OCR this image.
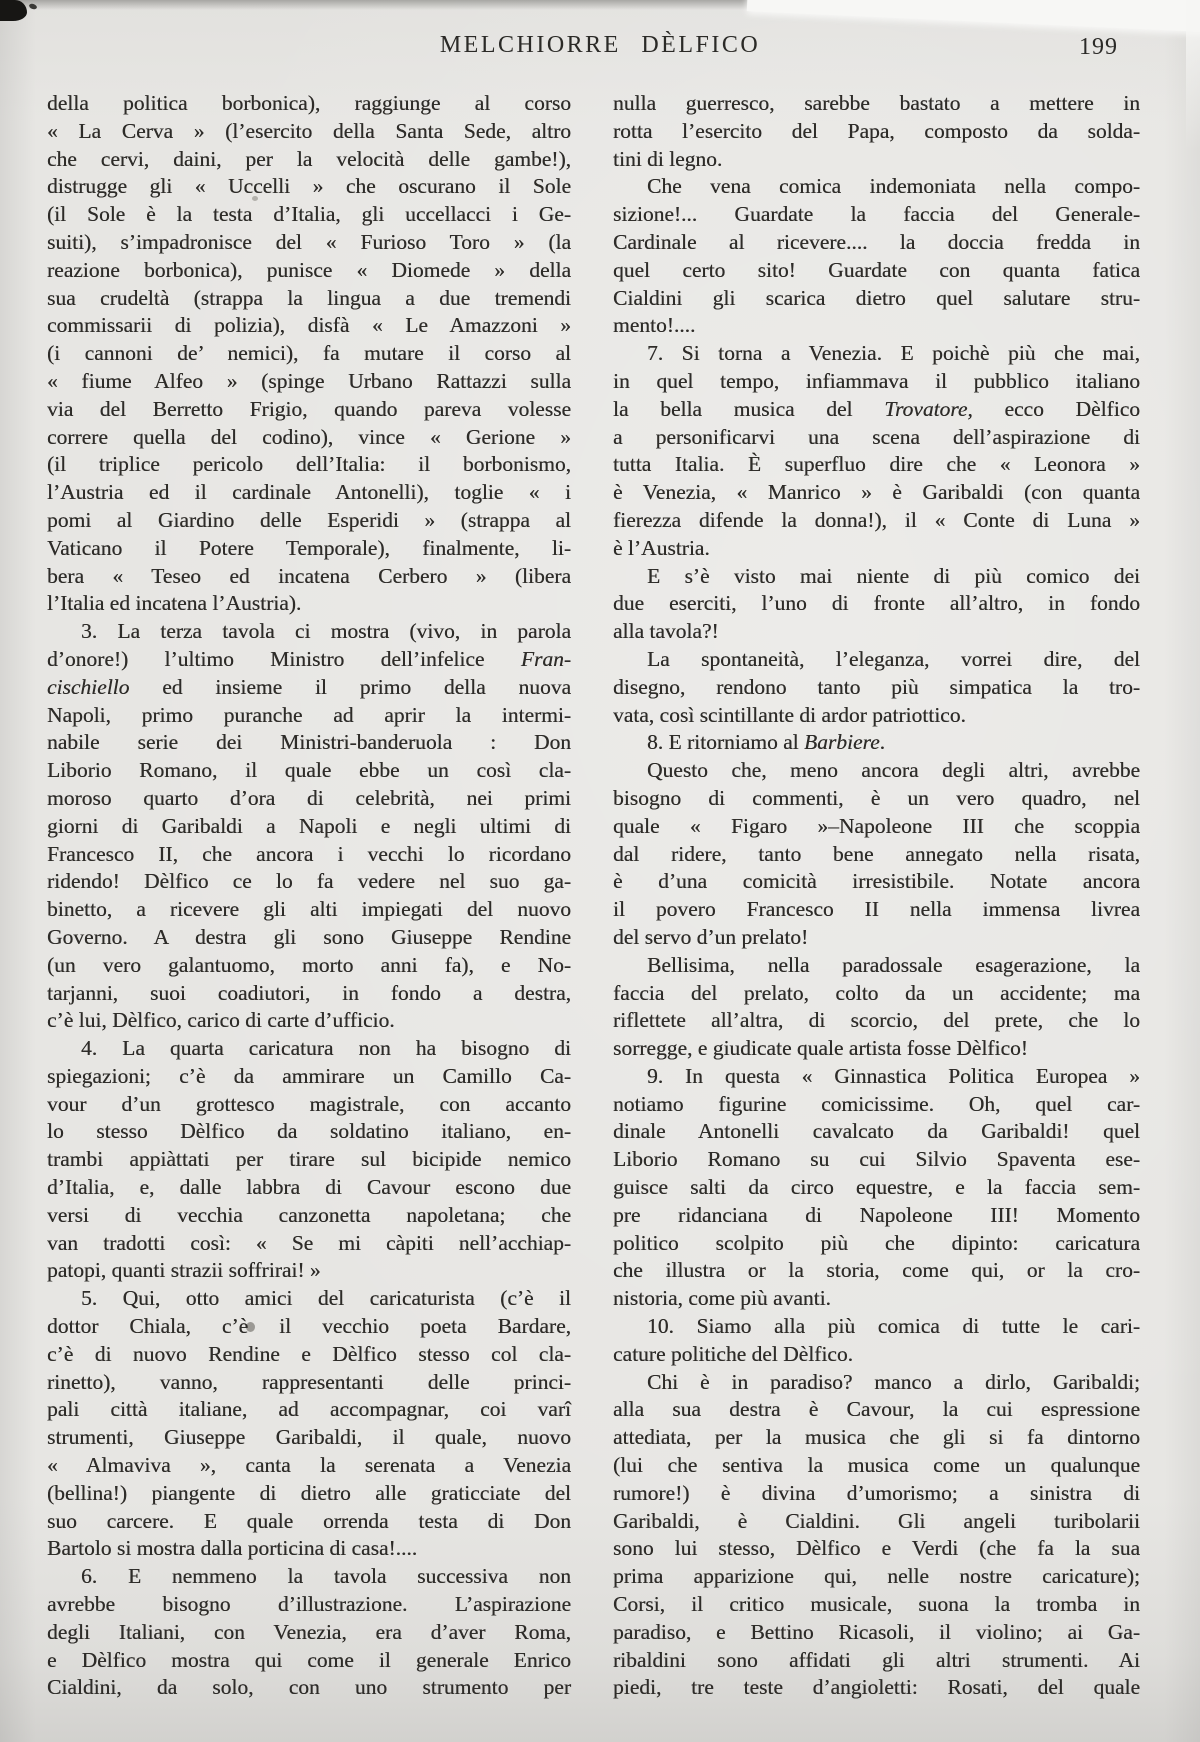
MELCHIORRE DÈLFICO	199
della politica borbonica), raggiunge al corso
« La Cerva » (l’esercito della Santa Sede, altro
che cervi, daini, per la velocità delle gambe!),
distrugge gli « Uccelli » che oscurano il Sole
(il Sole è la testa d’Italia, gli uccellacci i Ge-
suiti), s’impadronisce del « Furioso Toro » (la
reazione borbonica), punisce « Diomede » della
sua crudeltà (strappa la lingua a due tremendi
commissarii di polizia), disfà « Le Amazzoni »
(i cannoni de’ nemici), fa mutare il corso al
« fiume Alfeo » (spinge Urbano Rattazzi sulla
via del Berretto Frigio, quando pareva volesse
correre quella del codino), vince « Gerione »
(il triplice pericolo dell’Italia: il borbonismo,
l’Austria ed il cardinale Antonelli), toglie « i
pomi al Giardino delle Esperidi » (strappa al
Vaticano il Potere Temporale), finalmente, li-
bera « Teseo ed incatena Cerbero » (libera
l’Italia ed incatena l’Austria).
3. La terza tavola ci mostra (vivo, in parola
d’onore!) l’ultimo Ministro dell’infelice Fran-
cischiello ed insieme il primo della nuova
Napoli, primo puranche ad aprir la intermi-
nabile serie dei Ministri-banderuola : Don
Liborio Romano, il quale ebbe un così cla-
moroso quarto d’ora di celebrità, nei primi
giorni di Garibaldi a Napoli e negli ultimi di
Francesco II, che ancora i vecchi lo ricordano
ridendo! Dèlfico ce lo fa vedere nel suo ga-
binetto, a ricevere gli alti impiegati del nuovo
Governo. A destra gli sono Giuseppe Rendine
(un vero galantuomo, morto anni fa), e No-
tarjanni, suoi coadiutori, in fondo a destra,
c’è lui, Dèlfico, carico di carte d’ufficio.
4. La quarta caricatura non ha bisogno di
spiegazioni; c’è da ammirare un Camillo Ca-
vour d’un grottesco magistrale, con accanto
lo stesso Dèlfico da soldatino italiano, en-
trambi appiàttati per tirare sul bicipide nemico
d’Italia, e, dalle labbra di Cavour escono due
versi di vecchia canzonetta napoletana; che
van tradotti così: « Se mi càpiti nell’acchiap-
patopi, quanti strazii soffrirai! »
5. Qui, otto amici del caricaturista (c’è il
dottor Chiala, c’è il vecchio poeta Bardare,
c’è di nuovo Rendine e Dèlfico stesso col cla-
rinetto), vanno, rappresentanti delle princi-
pali città italiane, ad accompagnar, coi varî
strumenti, Giuseppe Garibaldi, il quale, nuovo
« Almaviva », canta la serenata a Venezia
(bellina!) piangente di dietro alle graticciate del
suo carcere. E quale orrenda testa di Don
Bartolo si mostra dalla porticina di casa!....
6. E nemmeno la tavola successiva non
avrebbe bisogno d’illustrazione. L’aspirazione
degli Italiani, con Venezia, era d’aver Roma,
e Dèlfico mostra qui come il generale Enrico
Cialdini, da solo, con uno strumento per
nulla guerresco, sarebbe bastato a mettere in
rotta l’esercito del Papa, composto da solda-
tini di legno.
Che vena comica indemoniata nella compo-
sizione!... Guardate la faccia del Generale-
Cardinale al ricevere.... la doccia fredda in
quel certo sito! Guardate con quanta fatica
Cialdini gli scarica dietro quel salutare stru-
mento!....
7. Si torna a Venezia. E poichè più che mai,
in quel tempo, infiammava il pubblico italiano
la bella musica del Trovatore, ecco Dèlfico
a personificarvi una scena dell’aspirazione di
tutta Italia. È superfluo dire che « Leonora »
è Venezia, « Manrico » è Garibaldi (con quanta
fierezza difende la donna!), il « Conte di Luna »
è l’Austria.
E s’è visto mai niente di più comico dei
due eserciti, l’uno di fronte all’altro, in fondo
alla tavola?!
La spontaneità, l’eleganza, vorrei dire, del
disegno, rendono tanto più simpatica la tro-
vata, così scintillante di ardor patriottico.
8. E ritorniamo al Barbiere.
Questo che, meno ancora degli altri, avrebbe
bisogno di commenti, è un vero quadro, nel
quale « Figaro »–Napoleone III che scoppia
dal ridere, tanto bene annegato nella risata,
è d’una comicità irresistibile. Notate ancora
il povero Francesco II nella immensa livrea
del servo d’un prelato!
Bellisima, nella paradossale esagerazione, la
faccia del prelato, colto da un accidente; ma
riflettete all’altra, di scorcio, del prete, che lo
sorregge, e giudicate quale artista fosse Dèlfico!
9. In questa « Ginnastica Politica Europea »
notiamo figurine comicissime. Oh, quel car-
dinale Antonelli cavalcato da Garibaldi! quel
Liborio Romano su cui Silvio Spaventa ese-
guisce salti da circo equestre, e la faccia sem-
pre ridanciana di Napoleone III! Momento
politico scolpito più che dipinto: caricatura
che illustra or la storia, come qui, or la cro-
nistoria, come più avanti.
10. Siamo alla più comica di tutte le cari-
cature politiche del Dèlfico.
Chi è in paradiso? manco a dirlo, Garibaldi;
alla sua destra è Cavour, la cui espressione
attediata, per la musica che gli si fa dintorno
(lui che sentiva la musica come un qualunque
rumore!) è divina d’umorismo; a sinistra di
Garibaldi, è Cialdini. Gli angeli turibolarii
sono lui stesso, Dèlfico e Verdi (che fa la sua
prima apparizione qui, nelle nostre caricature);
Corsi, il critico musicale, suona la tromba in
paradiso, e Bettino Ricasoli, il violino; ai Ga-
ribaldini sono affidati gli altri strumenti. Ai
piedi, tre teste d’angioletti: Rosati, del quale
